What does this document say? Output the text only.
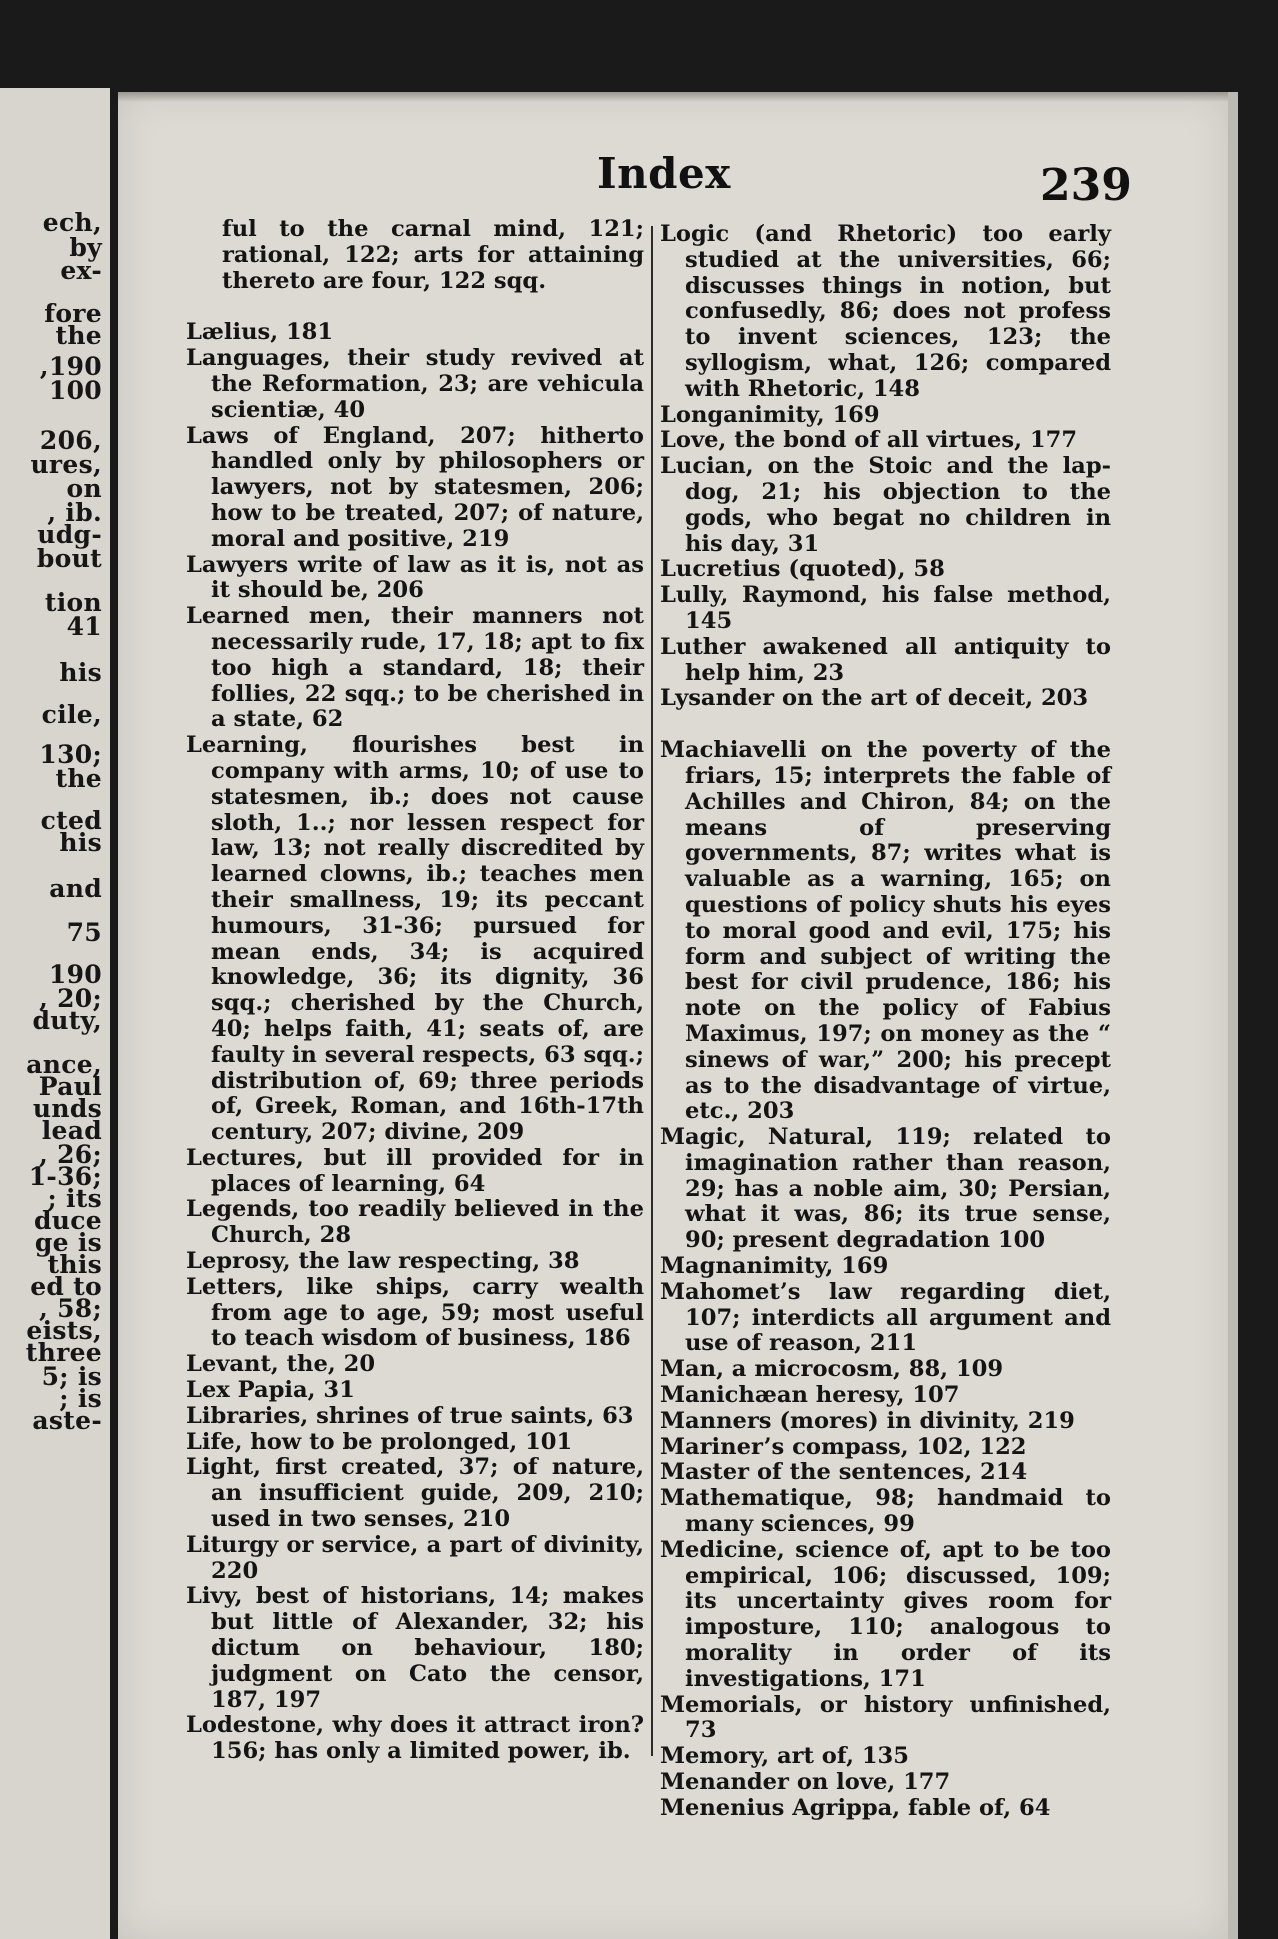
ech,
by
ex-
fore
the
,190
100
206,
ures,
on
, ib.
udg-
bout
tion
41
his
cile,
130;
the
cted
his
and
75
190
, 20;
duty,
ance,
Paul
unds
lead
, 26;
1-36;
; its
duce
ge is
this
ed to
, 58;
eists,
three
5; is
; is
aste-
Index	239

ful to the carnal mind, 121; rational, 122; arts for attaining thereto are four, 122 sqq.

Lælius, 181

Languages, their study revived at the Reformation, 23; are vehicula scientiæ, 40

Laws of England, 207; hitherto handled only by philosophers or lawyers, not by statesmen, 206; how to be treated, 207; of nature, moral and positive, 219

Lawyers write of law as it is, not as it should be, 206

Learned men, their manners not necessarily rude, 17, 18; apt to fix too high a standard, 18; their follies, 22 sqq.; to be cherished in a state, 62

Learning, flourishes best in company with arms, 10; of use to statesmen, ib.; does not cause sloth, 1..; nor lessen respect for law, 13; not really discredited by learned clowns, ib.; teaches men their smallness, 19; its peccant humours, 31-36; pursued for mean ends, 34; is acquired knowledge, 36; its dignity, 36 sqq.; cherished by the Church, 40; helps faith, 41; seats of, are faulty in several respects, 63 sqq.; distribution of, 69; three periods of, Greek, Roman, and 16th-17th century, 207; divine, 209

Lectures, but ill provided for in places of learning, 64

Legends, too readily believed in the Church, 28

Leprosy, the law respecting, 38

Letters, like ships, carry wealth from age to age, 59; most useful to teach wisdom of business, 186

Levant, the, 20

Lex Papia, 31

Libraries, shrines of true saints, 63

Life, how to be prolonged, 101

Light, first created, 37; of nature, an insufficient guide, 209, 210; used in two senses, 210

Liturgy or service, a part of divinity, 220

Livy, best of historians, 14; makes but little of Alexander, 32; his dictum on behaviour, 180; judgment on Cato the censor, 187, 197

Lodestone, why does it attract iron? 156; has only a limited power, ib.

Logic (and Rhetoric) too early studied at the universities, 66; discusses things in notion, but confusedly, 86; does not profess to invent sciences, 123; the syllogism, what, 126; compared with Rhetoric, 148

Longanimity, 169

Love, the bond of all virtues, 177

Lucian, on the Stoic and the lap-dog, 21; his objection to the gods, who begat no children in his day, 31

Lucretius (quoted), 58

Lully, Raymond, his false method, 145

Luther awakened all antiquity to help him, 23

Lysander on the art of deceit, 203

Machiavelli on the poverty of the friars, 15; interprets the fable of Achilles and Chiron, 84; on the means of preserving governments, 87; writes what is valuable as a warning, 165; on questions of policy shuts his eyes to moral good and evil, 175; his form and subject of writing the best for civil prudence, 186; his note on the policy of Fabius Maximus, 197; on money as the “ sinews of war,” 200; his precept as to the disadvantage of virtue, etc., 203

Magic, Natural, 119; related to imagination rather than reason, 29; has a noble aim, 30; Persian, what it was, 86; its true sense, 90; present degradation 100

Magnanimity, 169

Mahomet’s law regarding diet, 107; interdicts all argument and use of reason, 211

Man, a microcosm, 88, 109

Manichæan heresy, 107

Manners (mores) in divinity, 219

Mariner’s compass, 102, 122

Master of the sentences, 214

Mathematique, 98; handmaid to many sciences, 99

Medicine, science of, apt to be too empirical, 106; discussed, 109; its uncertainty gives room for imposture, 110; analogous to morality in order of its investigations, 171

Memorials, or history unfinished, 73

Memory, art of, 135

Menander on love, 177

Menenius Agrippa, fable of, 64
